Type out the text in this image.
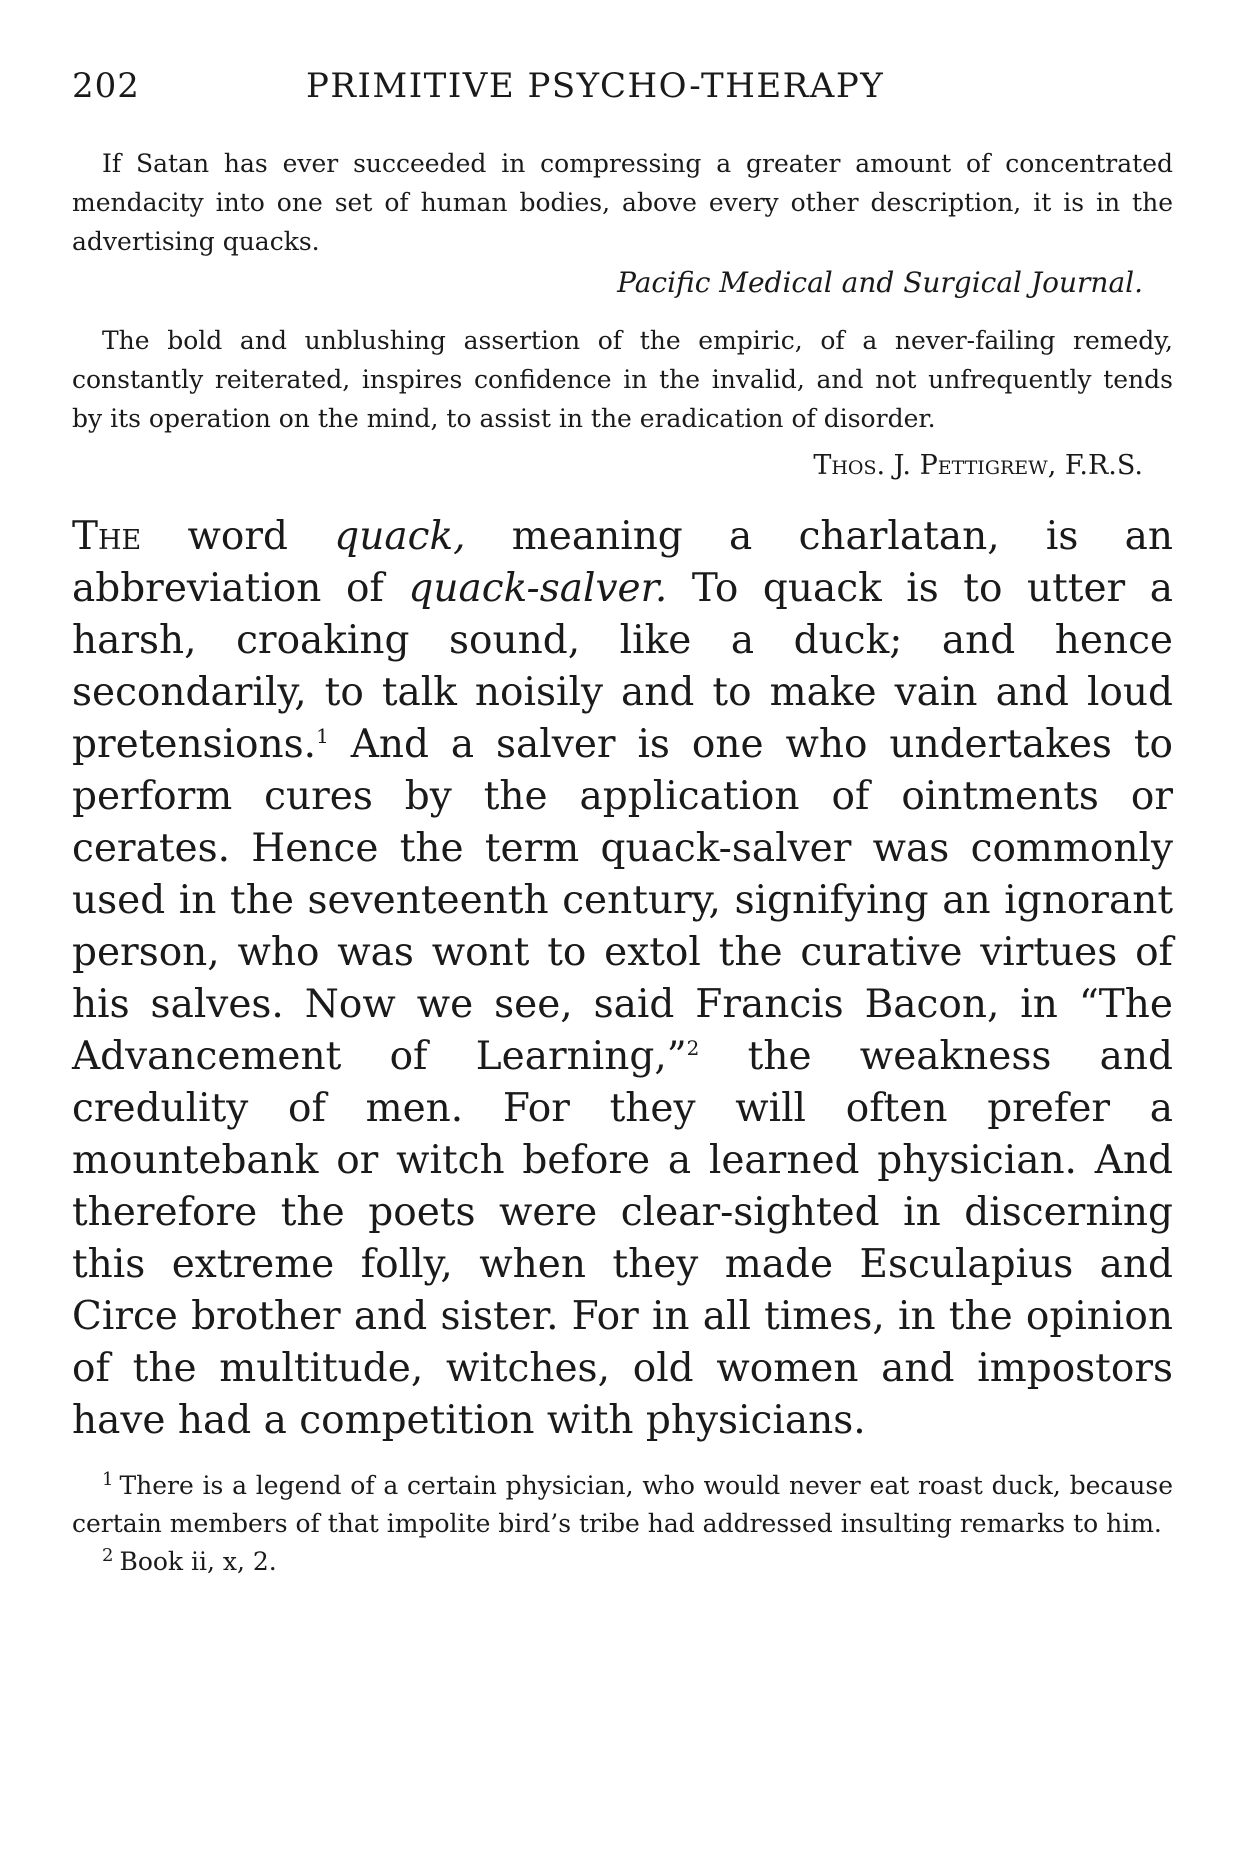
202	PRIMITIVE PSYCHO-THERAPY

If Satan has ever succeeded in compressing a greater amount of concentrated mendacity into one set of human bodies, above every other description, it is in the advertising quacks.

Pacific Medical and Surgical Journal.

The bold and unblushing assertion of the empiric, of a never-failing remedy, constantly reiterated, inspires confidence in the invalid, and not unfrequently tends by its operation on the mind, to assist in the eradication of disorder.

Thos. J. Pettigrew, F.R.S.

The word quack, meaning a charlatan, is an abbreviation of quack-salver. To quack is to utter a harsh, croaking sound, like a duck; and hence secondarily, to talk noisily and to make vain and loud pretensions.$^1$ And a salver is one who undertakes to perform cures by the application of ointments or cerates. Hence the term quack-salver was commonly used in the seventeenth century, signifying an ignorant person, who was wont to extol the curative virtues of his salves. Now we see, said Francis Bacon, in “The Advancement of Learning,”$^2$ the weakness and credulity of men. For they will often prefer a mountebank or witch before a learned physician. And therefore the poets were clear-sighted in discerning this extreme folly, when they made Esculapius and Circe brother and sister. For in all times, in the opinion of the multitude, witches, old women and impostors have had a competition with physicians.

$^1$ There is a legend of a certain physician, who would never eat roast duck, because certain members of that impolite bird’s tribe had addressed insulting remarks to him.

$^2$ Book ii, x, 2.
